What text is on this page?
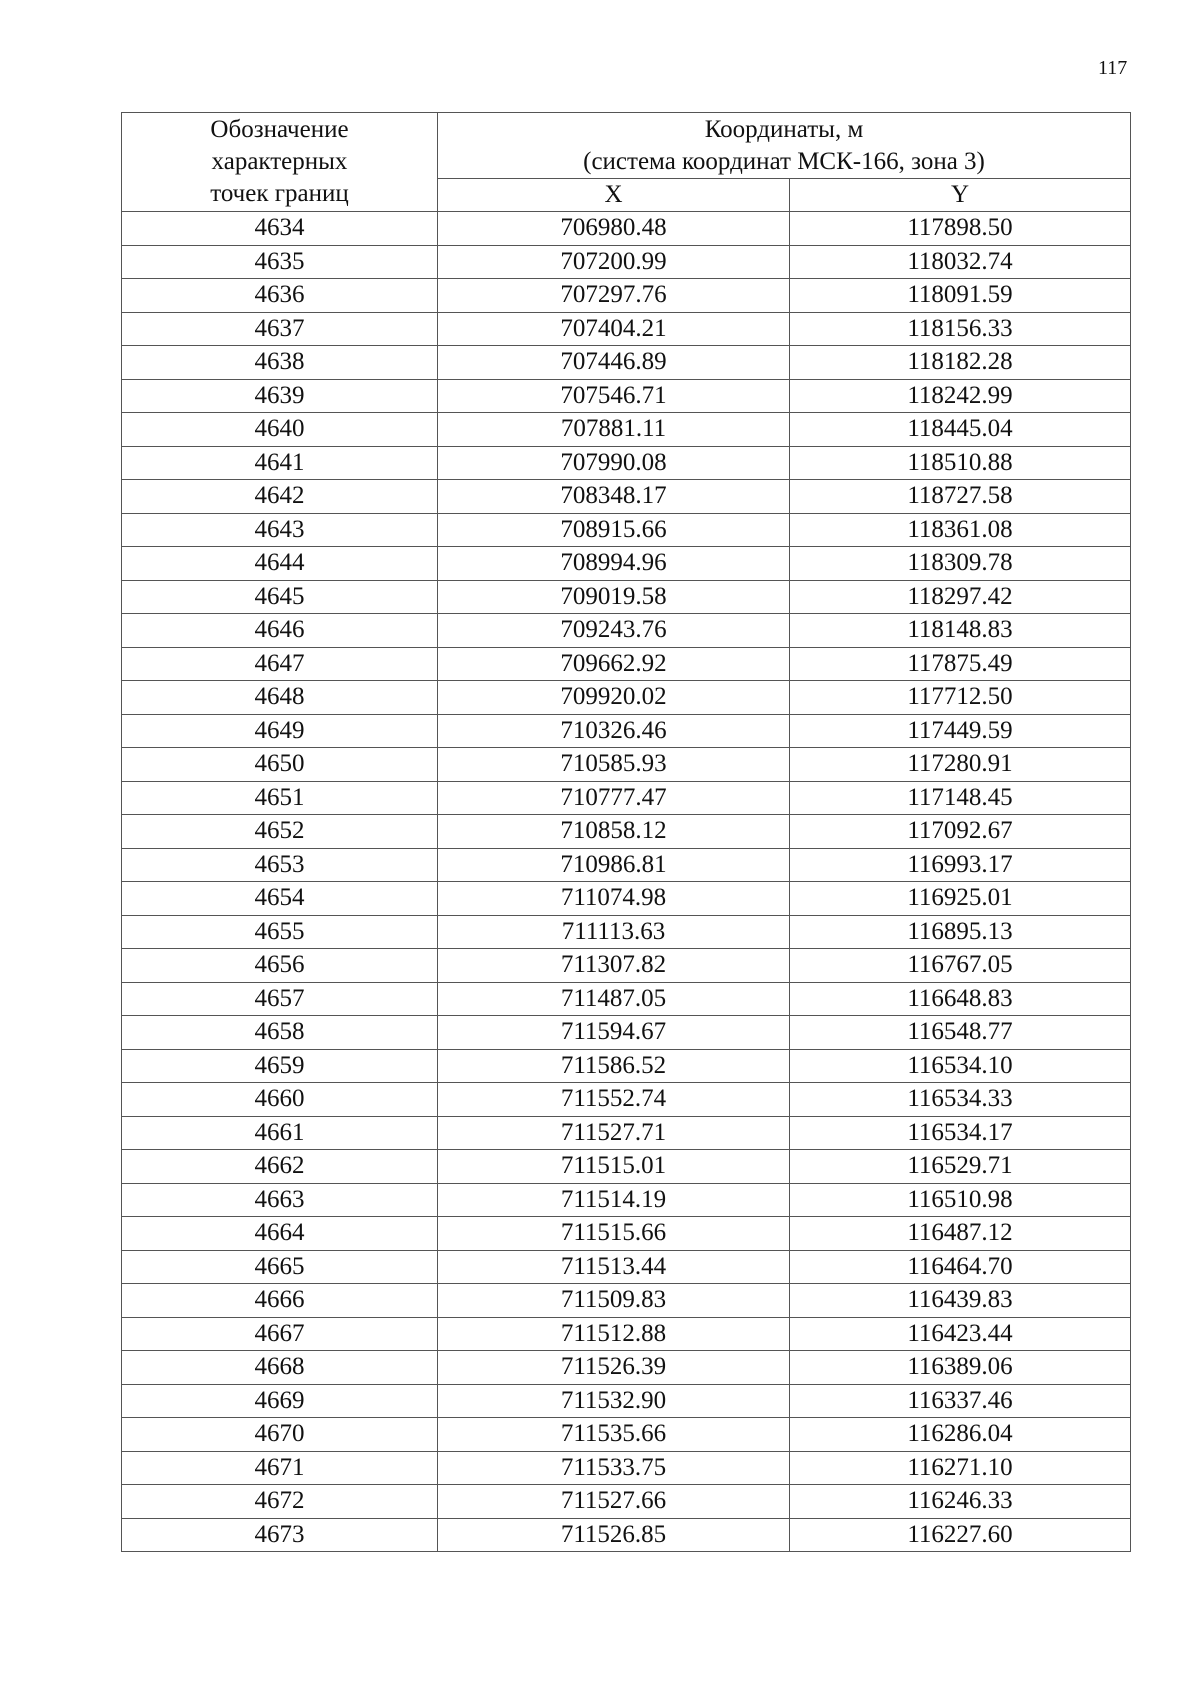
117
Обозначение
характерных
точек границ	Координаты, м
(система координат МСК-166, зона 3)	

	X	Y
4634	706980.48	117898.50
4635	707200.99	118032.74
4636	707297.76	118091.59
4637	707404.21	118156.33
4638	707446.89	118182.28
4639	707546.71	118242.99
4640	707881.11	118445.04
4641	707990.08	118510.88
4642	708348.17	118727.58
4643	708915.66	118361.08
4644	708994.96	118309.78
4645	709019.58	118297.42
4646	709243.76	118148.83
4647	709662.92	117875.49
4648	709920.02	117712.50
4649	710326.46	117449.59
4650	710585.93	117280.91
4651	710777.47	117148.45
4652	710858.12	117092.67
4653	710986.81	116993.17
4654	711074.98	116925.01
4655	711113.63	116895.13
4656	711307.82	116767.05
4657	711487.05	116648.83
4658	711594.67	116548.77
4659	711586.52	116534.10
4660	711552.74	116534.33
4661	711527.71	116534.17
4662	711515.01	116529.71
4663	711514.19	116510.98
4664	711515.66	116487.12
4665	711513.44	116464.70
4666	711509.83	116439.83
4667	711512.88	116423.44
4668	711526.39	116389.06
4669	711532.90	116337.46
4670	711535.66	116286.04
4671	711533.75	116271.10
4672	711527.66	116246.33
4673	711526.85	116227.60
